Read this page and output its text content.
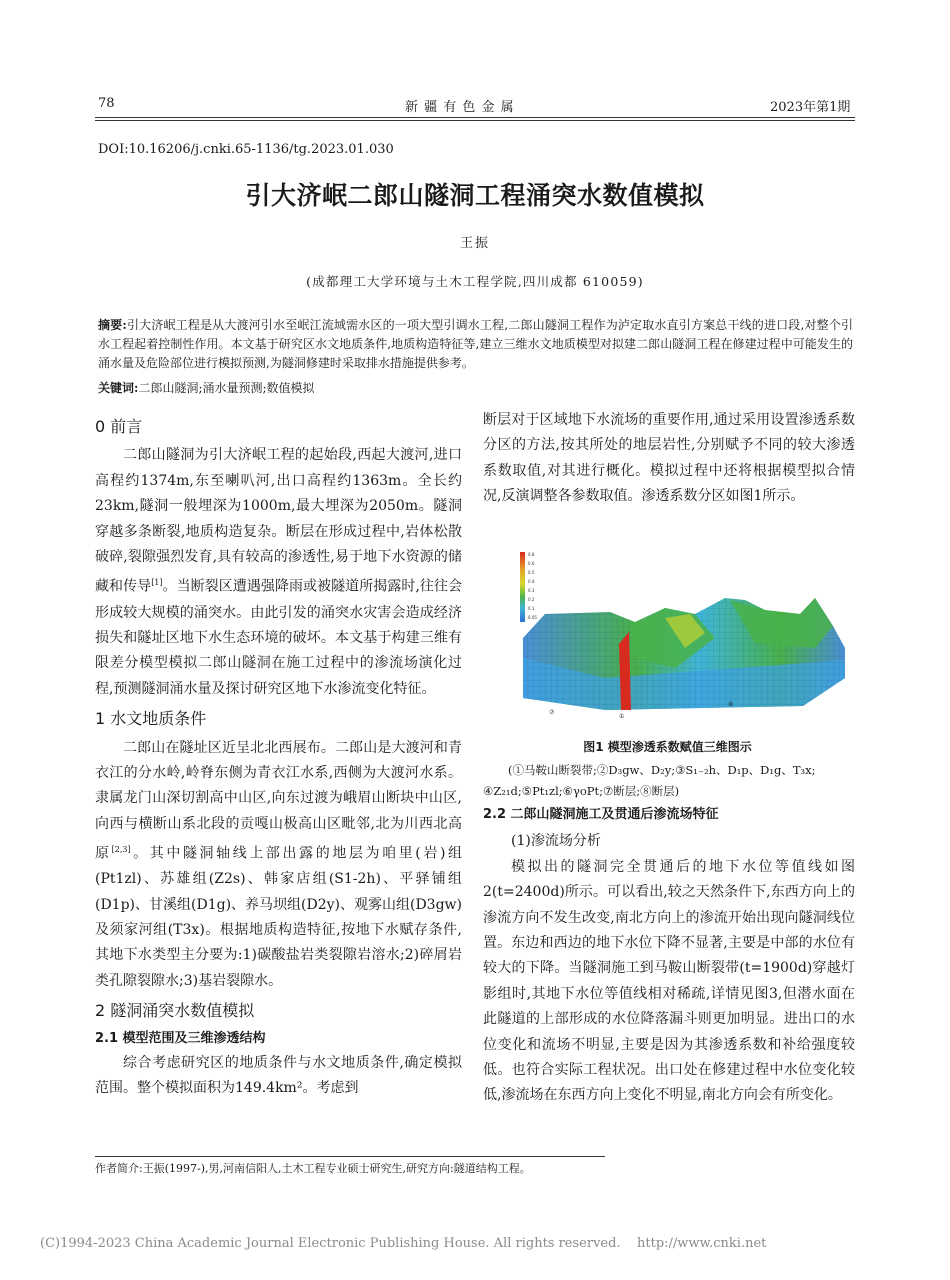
78	新 疆 有 色 金 属	2023年第1期
DOI:10.16206/j.cnki.65-1136/tg.2023.01.030
引大济岷二郎山隧洞工程涌突水数值模拟
王振
(成都理工大学环境与土木工程学院,四川成都 610059)
摘要:引大济岷工程是从大渡河引水至岷江流域需水区的一项大型引调水工程,二郎山隧洞工程作为泸定取水直引方案总干线的进口段,对整个引水工程起着控制性作用。本文基于研究区水文地质条件,地质构造特征等,建立三维水文地质模型对拟建二郎山隧洞工程在修建过程中可能发生的涌水量及危险部位进行模拟预测,为隧洞修建时采取排水措施提供参考。
关键词:二郎山隧洞;涌水量预测;数值模拟
0 前言

二郎山隧洞为引大济岷工程的起始段,西起大渡河,进口高程约1374m,东至喇叭河,出口高程约1363m。全长约23km,隧洞一般埋深为1000m,最大埋深为2050m。隧洞穿越多条断裂,地质构造复杂。断层在形成过程中,岩体松散破碎,裂隙强烈发育,具有较高的渗透性,易于地下水资源的储藏和传导[1]。当断裂区遭遇强降雨或被隧道所揭露时,往往会形成较大规模的涌突水。由此引发的涌突水灾害会造成经济损失和隧址区地下水生态环境的破坏。本文基于构建三维有限差分模型模拟二郎山隧洞在施工过程中的渗流场演化过程,预测隧洞涌水量及探讨研究区地下水渗流变化特征。

1 水文地质条件

二郎山在隧址区近呈北北西展布。二郎山是大渡河和青衣江的分水岭,岭脊东侧为青衣江水系,西侧为大渡河水系。隶属龙门山深切割高中山区,向东过渡为峨眉山断块中山区,向西与横断山系北段的贡嘎山极高山区毗邻,北为川西北高原[2,3]。其中隧洞轴线上部出露的地层为咱里(岩)组(Pt1zl)、苏雄组(Z2s)、韩家店组(S1-2h)、平驿铺组(D1p)、甘溪组(D1g)、养马坝组(D2y)、观雾山组(D3gw)及须家河组(T3x)。根据地质构造特征,按地下水赋存条件,其地下水类型主分要为:1)碳酸盐岩类裂隙岩溶水;2)碎屑岩类孔隙裂隙水;3)基岩裂隙水。

2 隧洞涌突水数值模拟
2.1 模型范围及三维渗透结构

综合考虑研究区的地质条件与水文地质条件,确定模拟范围。整个模拟面积为149.4km²。考虑到

断层对于区域地下水流场的重要作用,通过采用设置渗透系数分区的方法,按其所处的地层岩性,分别赋予不同的较大渗透系数取值,对其进行概化。模拟过程中还将根据模型拟合情况,反演调整各参数取值。渗透系数分区如图1所示。

0.8
0.6
0.5
0.4
0.3
0.2
0.1
0.05
⑦
①
⑧
图1 模型渗透系数赋值三维图示
(①马鞍山断裂带;②D₃gw、D₂y;③S₁₋₂h、D₁p、D₁g、T₃x;
④Z₂₁d;⑤Pt₁zl;⑥γoPt;⑦断层;⑧断层)
2.2 二郎山隧洞施工及贯通后渗流场特征

(1)渗流场分析

模拟出的隧洞完全贯通后的地下水位等值线如图2(t=2400d)所示。可以看出,较之天然条件下,东西方向上的渗流方向不发生改变,南北方向上的渗流开始出现向隧洞线位置。东边和西边的地下水位下降不显著,主要是中部的水位有较大的下降。当隧洞施工到马鞍山断裂带(t=1900d)穿越灯影组时,其地下水位等值线相对稀疏,详情见图3,但潜水面在此隧道的上部形成的水位降落漏斗则更加明显。进出口的水位变化和流场不明显,主要是因为其渗透系数和补给强度较低。也符合实际工程状况。出口处在修建过程中水位变化较低,渗流场在东西方向上变化不明显,南北方向会有所变化。

作者简介:王振(1997-),男,河南信阳人,土木工程专业硕士研究生,研究方向:隧道结构工程。
(C)1994-2023 China Academic Journal Electronic Publishing House. All rights reserved. http://www.cnki.net
